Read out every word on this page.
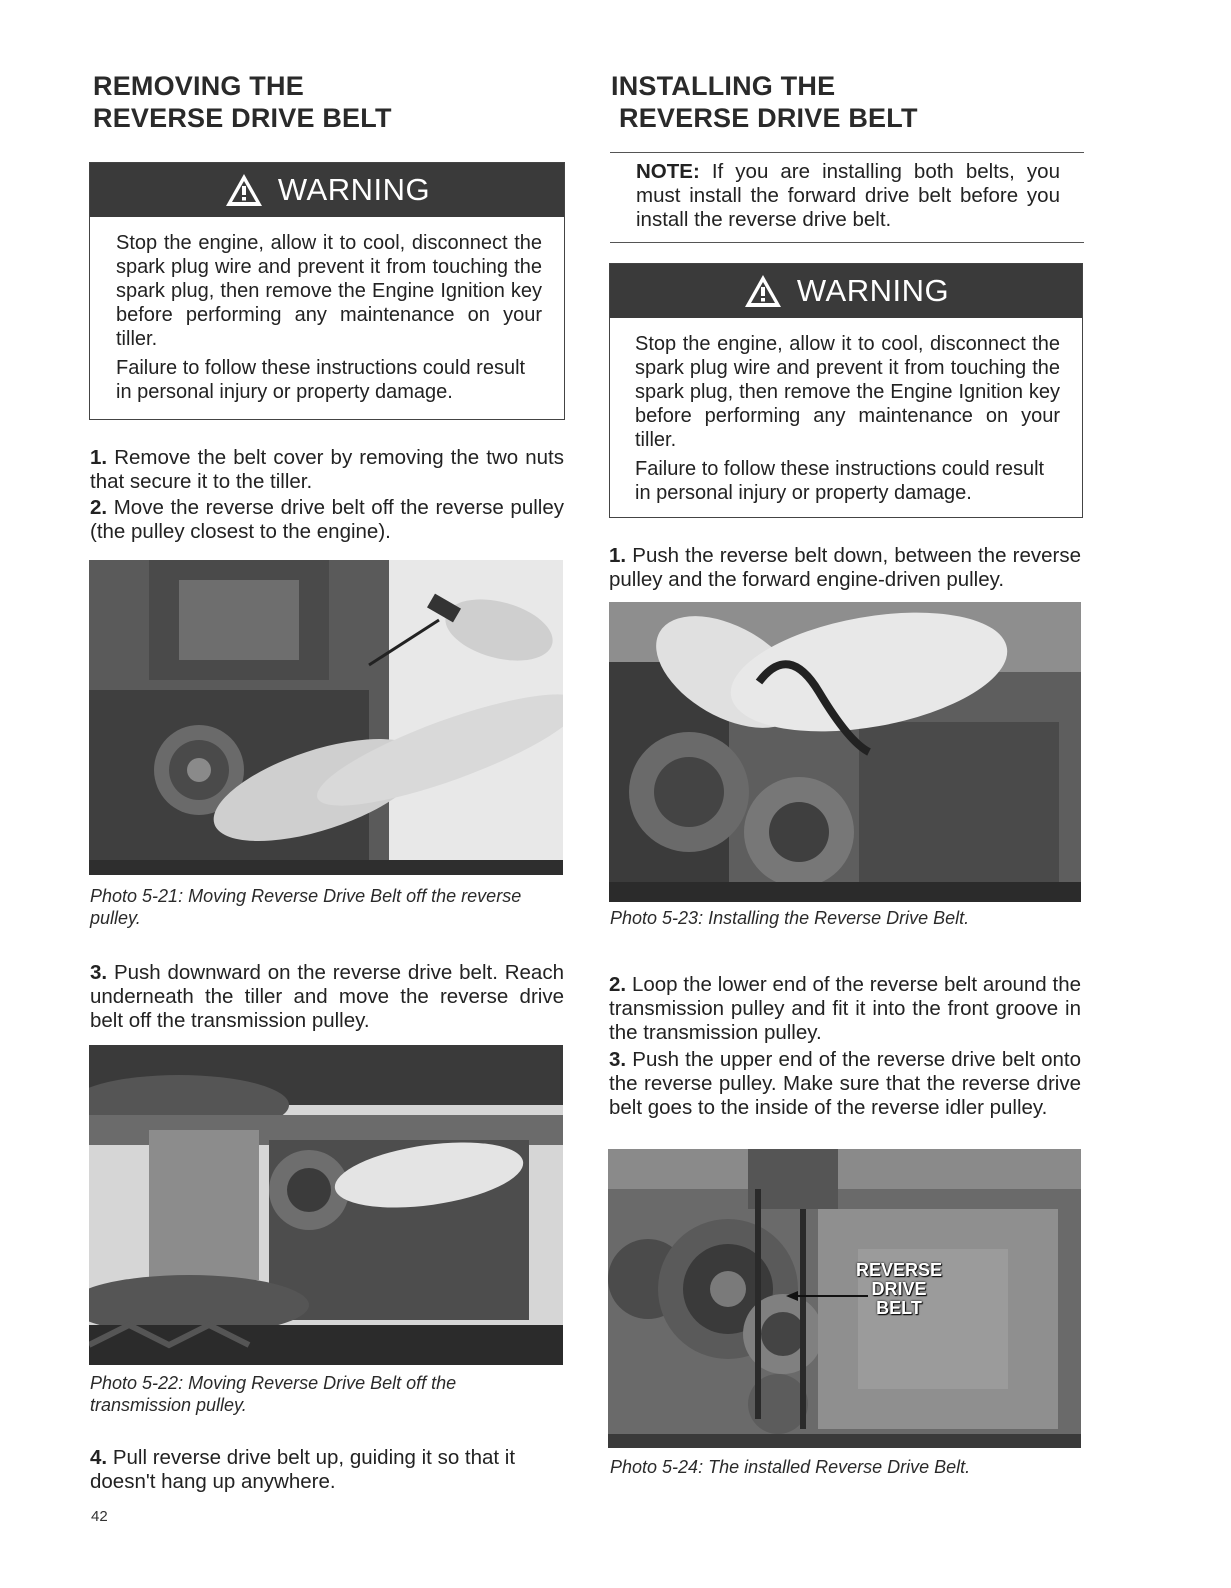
REMOVING THE
REVERSE DRIVE BELT
WARNING

Stop the engine, allow it to cool, disconnect the spark plug wire and prevent it from touching the spark plug, then remove the Engine Ignition key before performing any maintenance on your tiller.

Failure to follow these instructions could result in personal injury or property damage.

1. Remove the belt cover by removing the two nuts that secure it to the tiller.

2. Move the reverse drive belt off the reverse pulley (the pulley closest to the engine).

Photo 5-21: Moving Reverse Drive Belt off the reverse pulley.

3. Push downward on the reverse drive belt. Reach underneath the tiller and move the reverse drive belt off the transmission pulley.

Photo 5-22: Moving Reverse Drive Belt off the transmission pulley.

4. Pull reverse drive belt up, guiding it so that it doesn't hang up anywhere.

42
INSTALLING THE
REVERSE DRIVE BELT

NOTE: If you are installing both belts, you must install the forward drive belt before you install the reverse drive belt.

WARNING

Stop the engine, allow it to cool, disconnect the spark plug wire and prevent it from touching the spark plug, then remove the Engine Ignition key before performing any maintenance on your tiller.

Failure to follow these instructions could result in personal injury or property damage.

1. Push the reverse belt down, between the reverse pulley and the forward engine-driven pulley.

Photo 5-23: Installing the Reverse Drive Belt.

2. Loop the lower end of the reverse belt around the transmission pulley and fit it into the front groove in the transmission pulley.

3. Push the upper end of the reverse drive belt onto the reverse pulley. Make sure that the reverse drive belt goes to the inside of the reverse idler pulley.

REVERSE
DRIVE
BELT

Photo 5-24: The installed Reverse Drive Belt.
